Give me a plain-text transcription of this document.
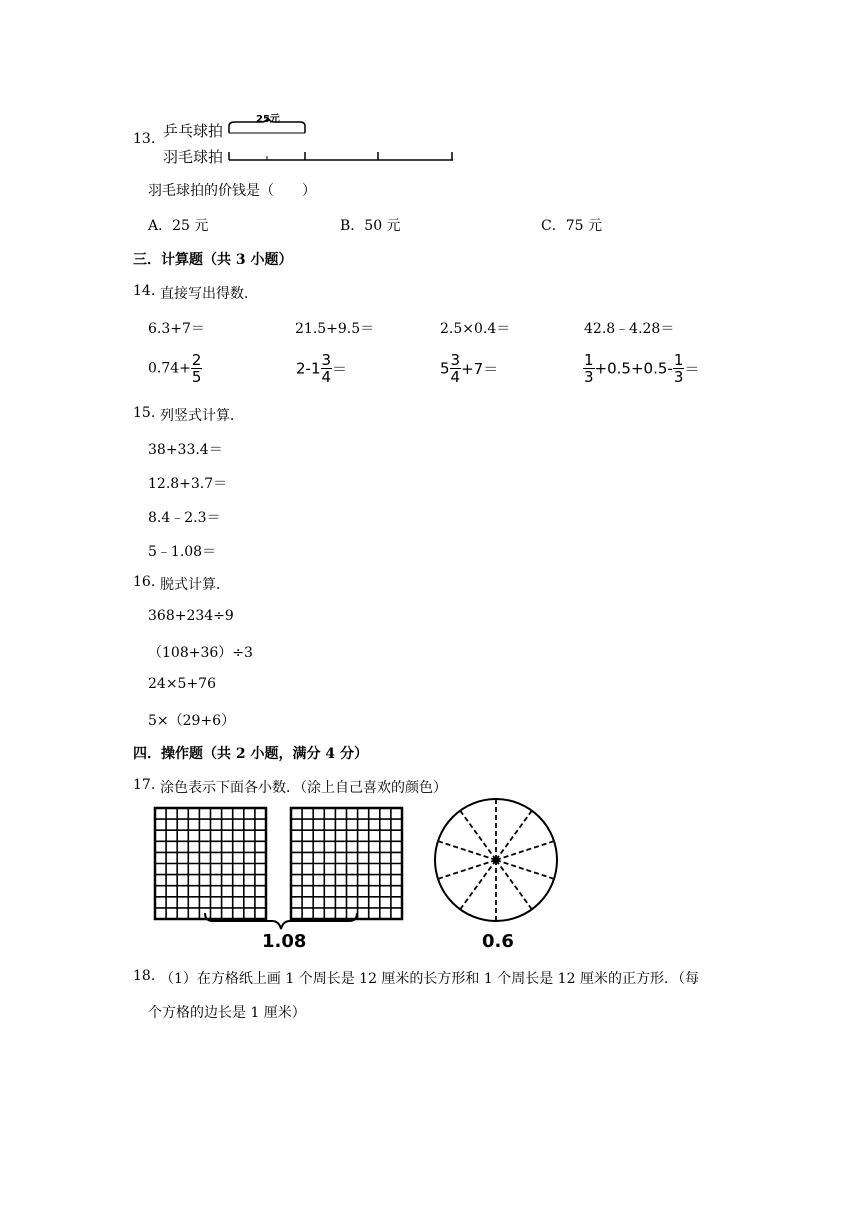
13. 乒乓球拍
羽毛球拍
25元
羽毛球拍的价钱是（　　）
A．25 元	B．50 元	C．75 元
三．计算题（共 3 小题）
14. 直接写出得数．
6.3+7＝	21.5+9.5＝	2.5×0.4＝	42.8﹣4.28＝
$0.74+ \frac{2}{5}$	$2-1 \frac{3}{4}$ ＝	$5 \frac{3}{4} +7=$	$\frac{1}{3} +0.5+0.5- \frac{1}{3}$ ＝
15. 列竖式计算．
38+33.4＝
12.8+3.7＝
8.4﹣2.3＝
5﹣1.08＝
16. 脱式计算．
368+234÷9
（108+36）÷3
24×5+76
5×（29+6）
四．操作题（共 2 小题，满分 4 分）
17. 涂色表示下面各小数．（涂上自己喜欢的颜色）
1.08	0.6
18. （1）在方格纸上画 1 个周长是 12 厘米的长方形和 1 个周长是 12 厘米的正方形．（每
个方格的边长是 1 厘米）
